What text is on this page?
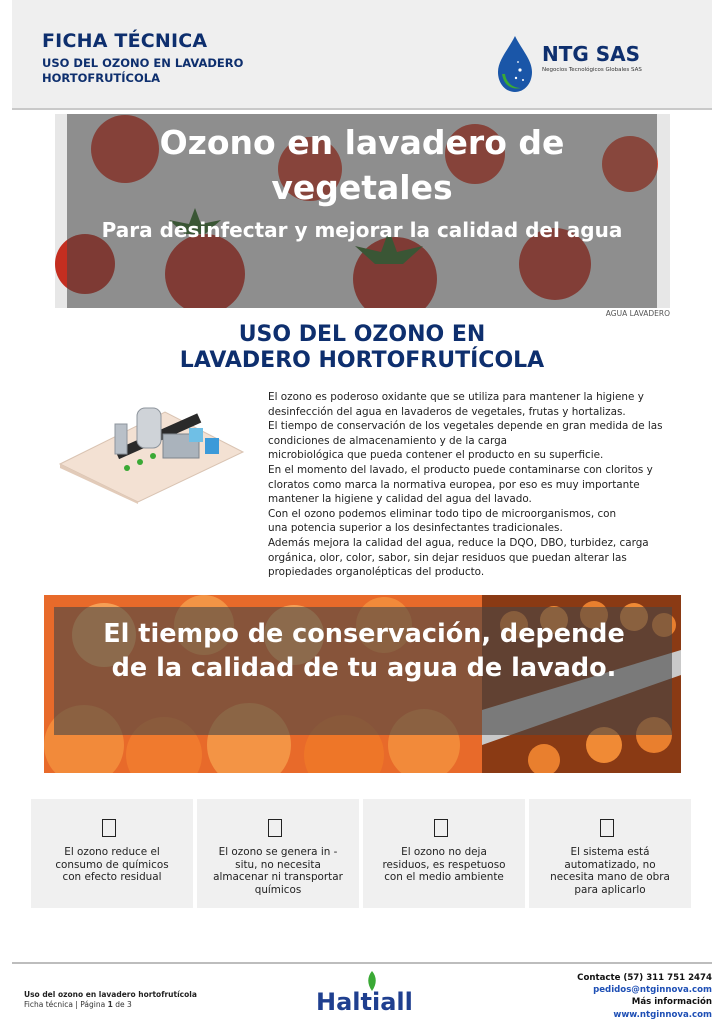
FICHA TÉCNICA
USO DEL OZONO EN LAVADERO
HORTOFRUTÍCOLA
NTG SAS
Negocios Tecnológicos Globales SAS
Ozono en lavadero de
vegetales
Para desinfectar y mejorar la calidad del agua
AGUA LAVADERO
USO DEL OZONO EN
LAVADERO HORTOFRUTÍCOLA
El ozono es poderoso oxidante que se utiliza para mantener la higiene y
desinfección del agua en lavaderos de vegetales, frutas y hortalizas.
El tiempo de conservación de los vegetales depende en gran medida de las
condiciones de almacenamiento y de la carga
microbiológica que pueda contener el producto en su superficie.
En el momento del lavado, el producto puede contaminarse con cloritos y
cloratos como marca la normativa europea, por eso es muy importante
mantener la higiene y calidad del agua del lavado.
Con el ozono podemos eliminar todo tipo de microorganismos, con
una potencia superior a los desinfectantes tradicionales.
Además mejora la calidad del agua, reduce la DQO, DBO, turbidez, carga
orgánica, olor, color, sabor, sin dejar residuos que puedan alterar las
propiedades organolépticas del producto.
El tiempo de conservación, depende
de la calidad de tu agua de lavado.
El ozono reduce el
consumo de químicos
con efecto residual
El ozono se genera in -
situ, no necesita
almacenar ni transportar
químicos
El ozono no deja
residuos, es respetuoso
con el medio ambiente
El sistema está
automatizado, no
necesita mano de obra
para aplicarlo
Uso del ozono en lavadero hortofrutícola
Ficha técnica | Página 1 de 3	Haltiall
Contacte (57) 311 751 2474
pedidos@ntginnova.com
Más información
www.ntginnova.com
